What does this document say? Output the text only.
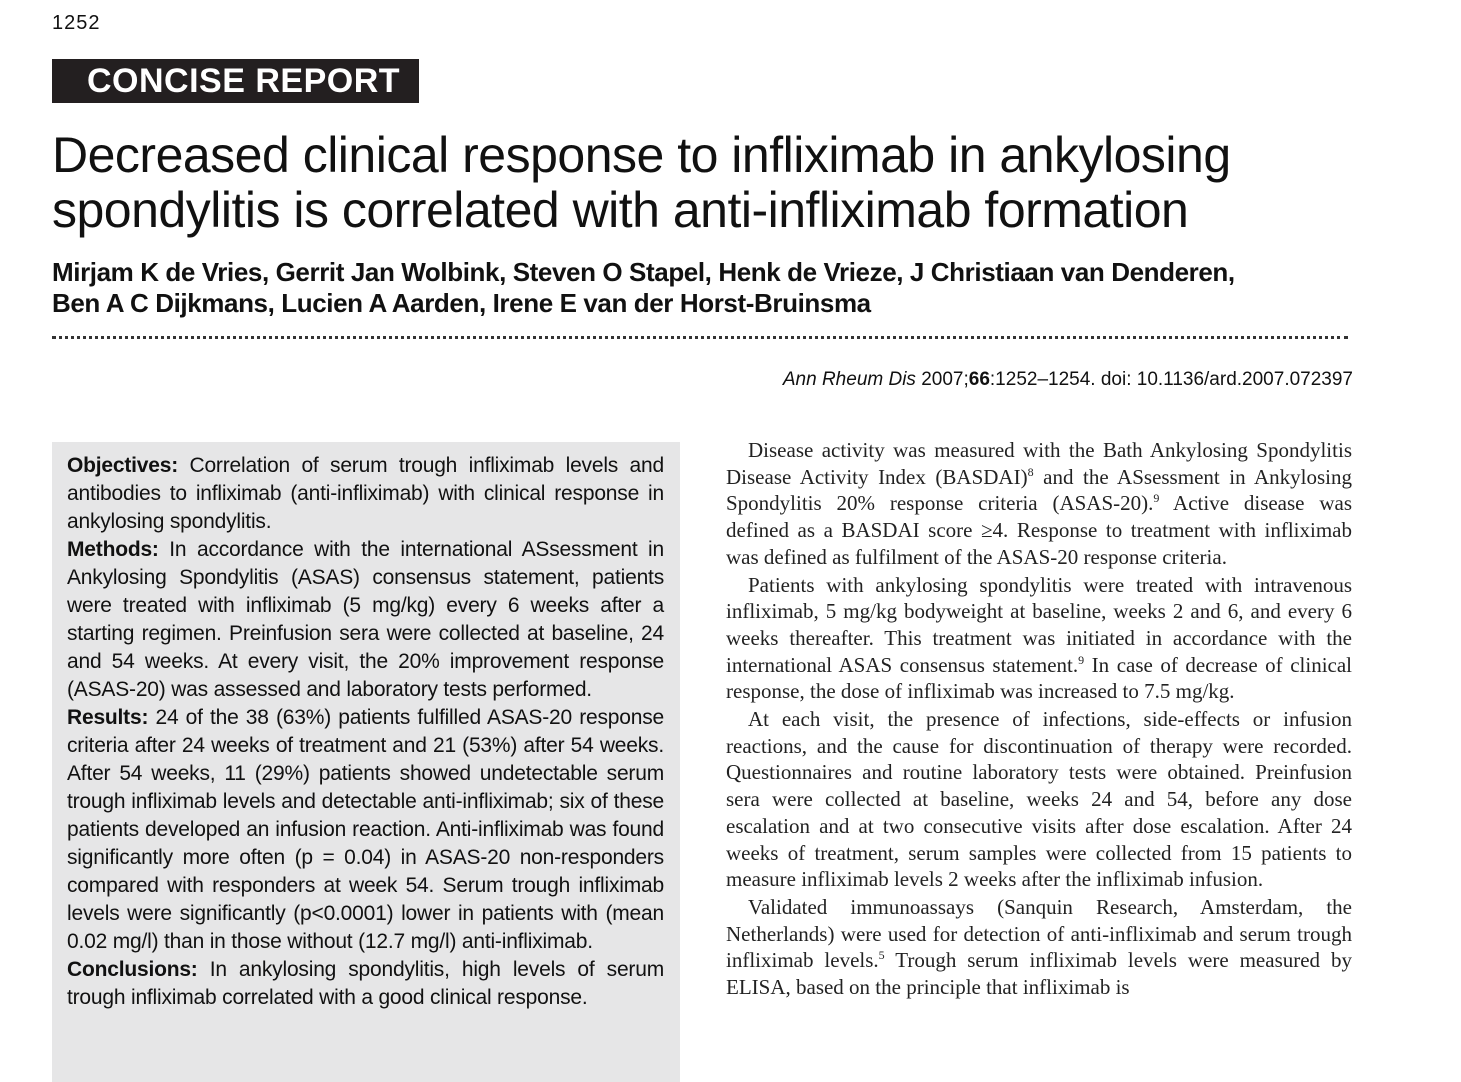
1252
CONCISE REPORT
Decreased clinical response to infliximab in ankylosing
spondylitis is correlated with anti-infliximab formation
Mirjam K de Vries, Gerrit Jan Wolbink, Steven O Stapel, Henk de Vrieze, J Christiaan van Denderen,
Ben A C Dijkmans, Lucien A Aarden, Irene E van der Horst-Bruinsma
Ann Rheum Dis 2007;66:1252–1254. doi: 10.1136/ard.2007.072397

Objectives: Correlation of serum trough infliximab levels and antibodies to infliximab (anti-infliximab) with clinical response in ankylosing spondylitis.

Methods: In accordance with the international ASsessment in Ankylosing Spondylitis (ASAS) consensus statement, patients were treated with infliximab (5 mg/kg) every 6 weeks after a starting regimen. Preinfusion sera were collected at baseline, 24 and 54 weeks. At every visit, the 20% improvement response (ASAS-20) was assessed and laboratory tests performed.

Results: 24 of the 38 (63%) patients fulfilled ASAS-20 response criteria after 24 weeks of treatment and 21 (53%) after 54 weeks. After 54 weeks, 11 (29%) patients showed undetectable serum trough infliximab levels and detectable anti-infliximab; six of these patients developed an infusion reaction. Anti-infliximab was found significantly more often (p = 0.04) in ASAS-20 non-responders compared with responders at week 54. Serum trough infliximab levels were significantly (p<0.0001) lower in patients with (mean 0.02 mg/l) than in those without (12.7 mg/l) anti-infliximab.

Conclusions: In ankylosing spondylitis, high levels of serum trough infliximab correlated with a good clinical response.

Disease activity was measured with the Bath Ankylosing Spondylitis Disease Activity Index (BASDAI)$^8$ and the ASsessment in Ankylosing Spondylitis 20% response criteria (ASAS-20).$^9$ Active disease was defined as a BASDAI score ≥4. Response to treatment with infliximab was defined as fulfilment of the ASAS-20 response criteria.

Patients with ankylosing spondylitis were treated with intravenous infliximab, 5 mg/kg bodyweight at baseline, weeks 2 and 6, and every 6 weeks thereafter. This treatment was initiated in accordance with the international ASAS consensus statement.$^9$ In case of decrease of clinical response, the dose of infliximab was increased to 7.5 mg/kg.

At each visit, the presence of infections, side-effects or infusion reactions, and the cause for discontinuation of therapy were recorded. Questionnaires and routine laboratory tests were obtained. Preinfusion sera were collected at baseline, weeks 24 and 54, before any dose escalation and at two consecutive visits after dose escalation. After 24 weeks of treatment, serum samples were collected from 15 patients to measure infliximab levels 2 weeks after the infliximab infusion.

Validated immunoassays (Sanquin Research, Amsterdam, the Netherlands) were used for detection of anti-infliximab and serum trough infliximab levels.$^5$ Trough serum infliximab levels were measured by ELISA, based on the principle that infliximab is
